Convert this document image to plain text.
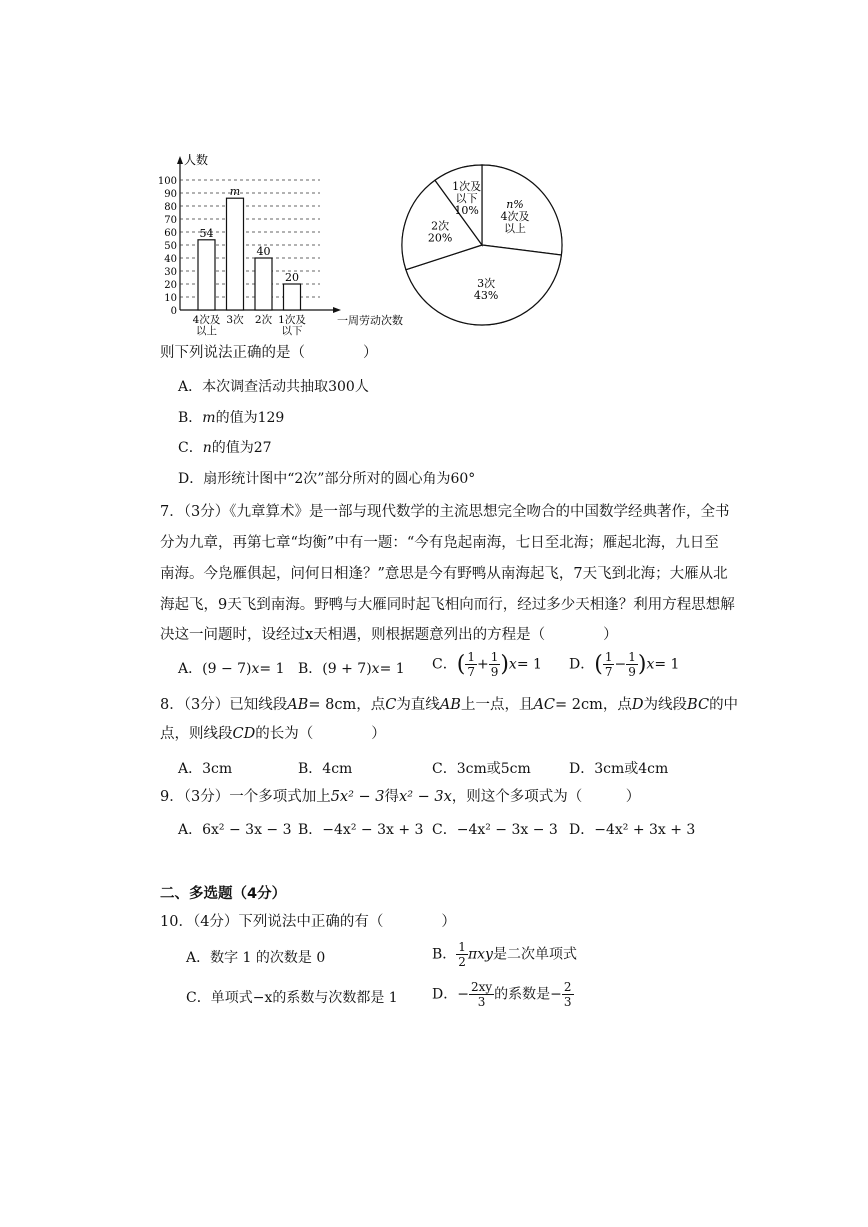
人数
一周劳动次数
0
10
20
30
40
50
60
70
80
90
100
54
4次及
以上
m
3次
40
2次
20
1次及
以下
n%
4次及
以上
3次
43%
2次
20%
1次及
以下
10%
则下列说法正确的是（　　　　）
A．本次调查活动共抽取300人
B．m的值为129
C．n的值为27
D．扇形统计图中“2次”部分所对的圆心角为60°
7．（3分）《九章算术》是一部与现代数学的主流思想完全吻合的中国数学经典著作，全书
分为九章，再第七章“均衡”中有一题：“今有凫起南海，七日至北海；雁起北海，九日至
南海。今凫雁俱起，问何日相逢？”意思是今有野鸭从南海起飞，7天飞到北海；大雁从北
海起飞，9天飞到南海。野鸭与大雁同时起飞相向而行，经过多少天相逢？利用方程思想解
决这一问题时，设经过x天相遇，则根据题意列出的方程是（　　　　）
A．(9 − 7)x= 1 B．(9 + 7)x= 1 C．( $\frac{1}{7} + \frac{1}{9} )x= 1$ D．( $\frac{1}{7} - \frac{1}{9} )x= 1$
8．（3分）已知线段AB= 8cm，点C为直线AB上一点，且AC= 2cm，点D为线段BC的中
点，则线段CD的长为（　　　　）
A．3cm	B．4cm	C．3cm或5cm	D．3cm或4cm
9．（3分）一个多项式加上5x² − 3得x² − 3x，则这个多项式为（　　　）
A．6x² − 3x − 3 B．−4x² − 3x + 3 C．−4x² − 3x − 3 D．−4x² + 3x + 3
二、多选题（4分）
10．（4分）下列说法中正确的有（　　　　）
A．数字 1 的次数是 0	B． $\frac{1}{2}$ πxy是二次单项式
C．单项式−x的系数与次数都是 1 D．− $\frac{2xy}{3}$ 的系数是− $\frac{2}{3}$
